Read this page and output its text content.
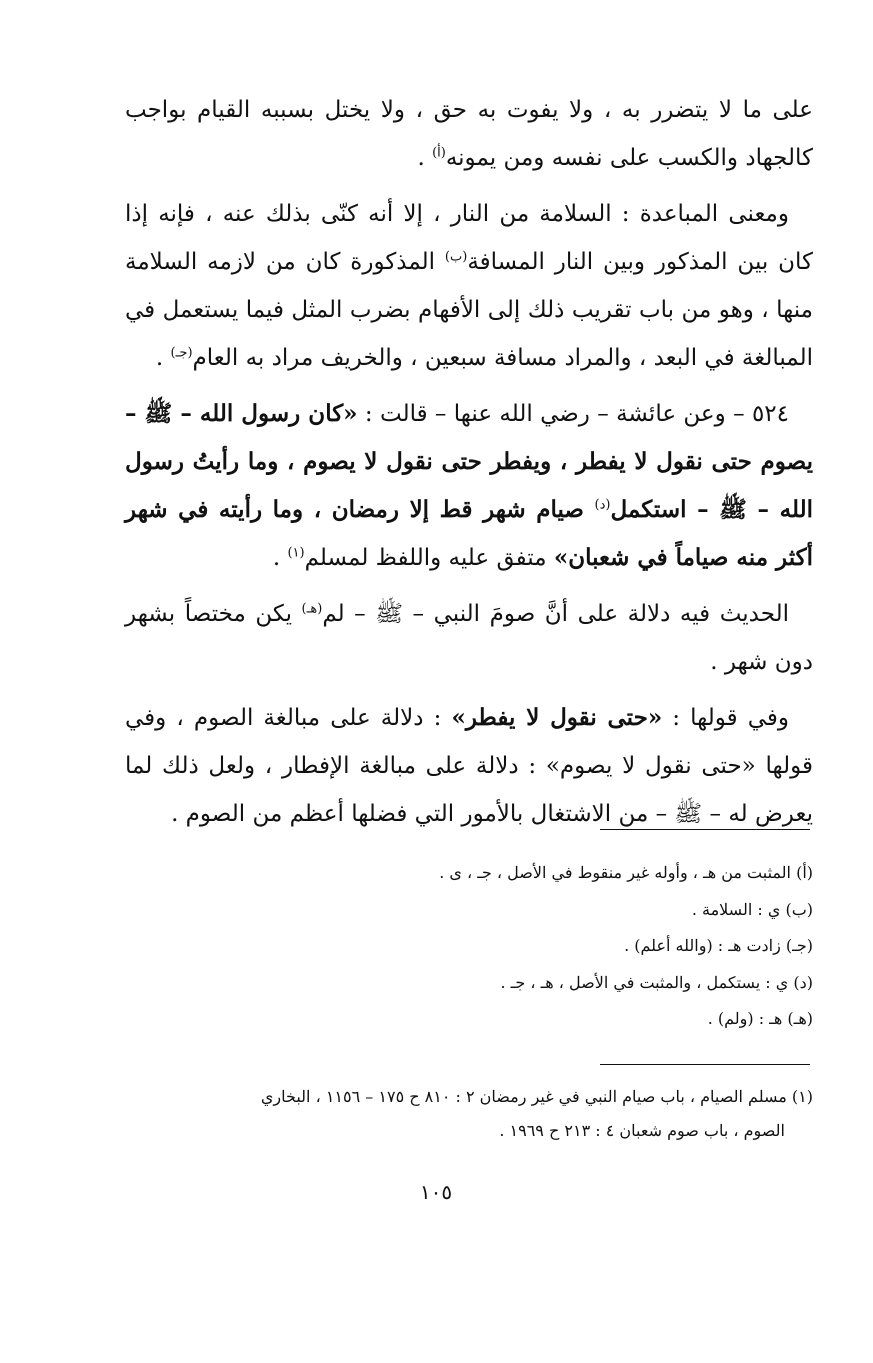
على ما لا يتضرر به ، ولا يفوت به حق ، ولا يختل بسببه القيام بواجب كالجهاد والكسب على نفسه ومن يمونه$^{(أ)}$ .

ومعنى المباعدة : السلامة من النار ، إلا أنه كنّى بذلك عنه ، فإنه إذا كان بين المذكور وبين النار المسافة$^{(ب)}$ المذكورة كان من لازمه السلامة منها ، وهو من باب تقريب ذلك إلى الأفهام بضرب المثل فيما يستعمل في المبالغة في البعد ، والمراد مسافة سبعين ، والخريف مراد به العام$^{(جـ)}$ .

٥٢٤ – وعن عائشة – رضي الله عنها – قالت : «كان رسول الله – ﷺ – يصوم حتى نقول لا يفطر ، ويفطر حتى نقول لا يصوم ، وما رأيتُ رسول الله – ﷺ – استكمل$^{(د)}$ صيام شهر قط إلا رمضان ، وما رأيته في شهر أكثر منه صياماً في شعبان» متفق عليه واللفظ لمسلم$^{(١)}$ .

الحديث فيه دلالة على أنَّ صومَ النبي – ﷺ – لم$^{(هـ)}$ يكن مختصاً بشهر دون شهر .

وفي قولها : «حتى نقول لا يفطر» : دلالة على مبالغة الصوم ، وفي قولها «حتى نقول لا يصوم» : دلالة على مبالغة الإفطار ، ولعل ذلك لما يعرض له – ﷺ – من الاشتغال بالأمور التي فضلها أعظم من الصوم .

(أ) المثبت من هـ ، وأوله غير منقوط في الأصل ، جـ ، ى .
(ب) ي : السلامة .
(جـ) زادت هـ : (والله أعلم) .
(د) ي : يستكمل ، والمثبت في الأصل ، هـ ، جـ .
(هـ) هـ : (ولم) .
(١) مسلم الصيام ، باب صيام النبي في غير رمضان ٢ : ٨١٠ ح ١٧٥ – ١١٥٦ ، البخاري
الصوم ، باب صوم شعبان ٤ : ٢١٣ ح ١٩٦٩ .
١٠٥
